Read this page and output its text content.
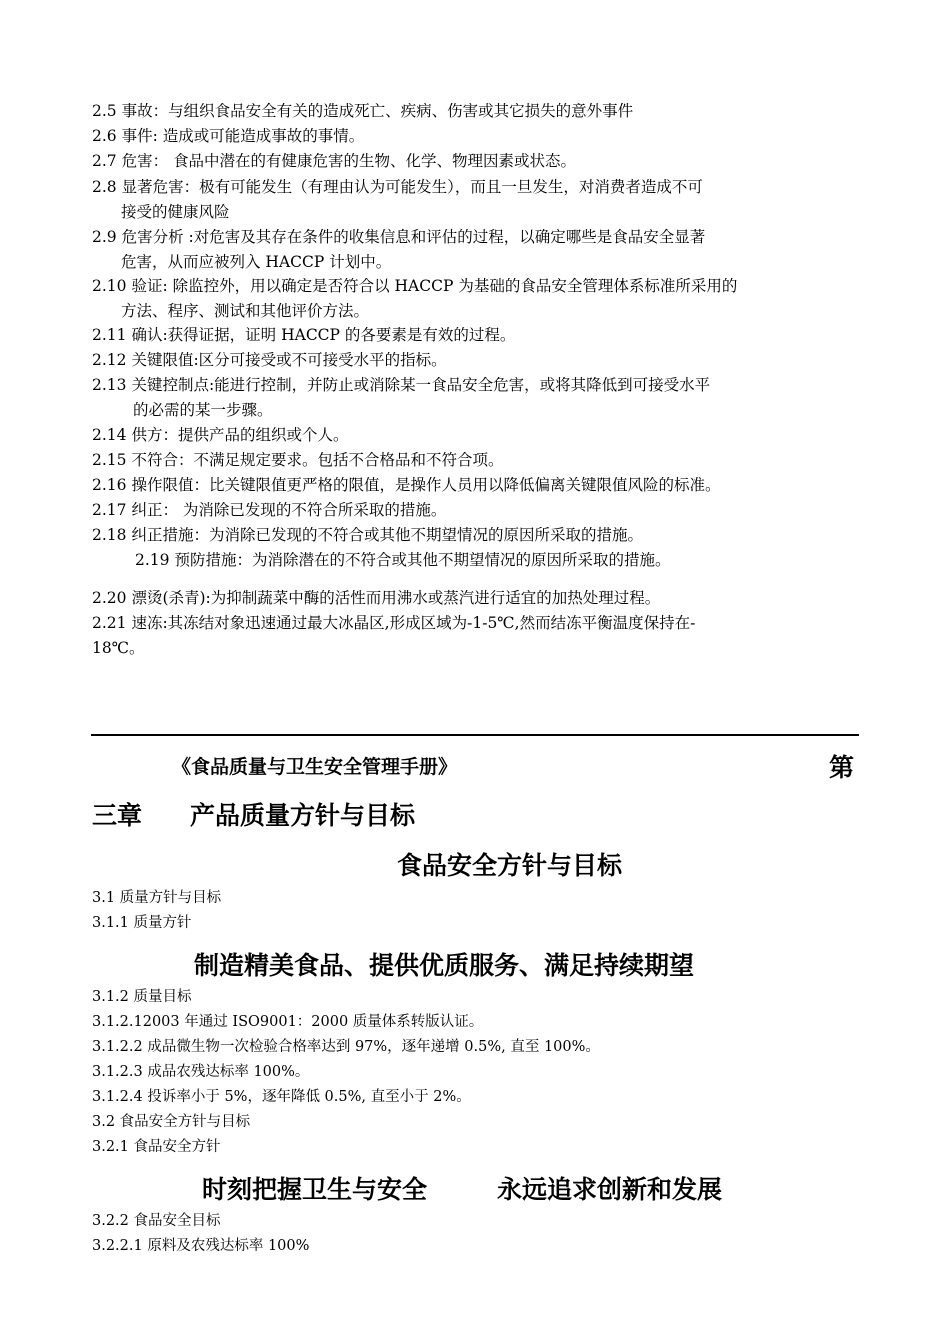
2.5 事故：与组织食品安全有关的造成死亡、疾病、伤害或其它损失的意外事件
2.6 事件: 造成或可能造成事故的事情。
2.7 危害： 食品中潜在的有健康危害的生物、化学、物理因素或状态。
2.8 显著危害：极有可能发生（有理由认为可能发生），而且一旦发生，对消费者造成不可
接受的健康风险
2.9 危害分析 :对危害及其存在条件的收集信息和评估的过程，以确定哪些是食品安全显著
危害，从而应被列入 HACCP 计划中。
2.10 验证: 除监控外，用以确定是否符合以 HACCP 为基础的食品安全管理体系标准所采用的
方法、程序、测试和其他评价方法。
2.11 确认:获得证据，证明 HACCP 的各要素是有效的过程。
2.12 关键限值:区分可接受或不可接受水平的指标。
2.13 关键控制点:能进行控制，并防止或消除某一食品安全危害，或将其降低到可接受水平
的必需的某一步骤。
2.14 供方：提供产品的组织或个人。
2.15 不符合：不满足规定要求。包括不合格品和不符合项。
2.16 操作限值：比关键限值更严格的限值，是操作人员用以降低偏离关键限值风险的标准。
2.17 纠正： 为消除已发现的不符合所采取的措施。
2.18 纠正措施：为消除已发现的不符合或其他不期望情况的原因所采取的措施。
2.19 预防措施：为消除潜在的不符合或其他不期望情况的原因所采取的措施。
2.20 漂烫(杀青):为抑制蔬菜中酶的活性而用沸水或蒸汽进行适宜的加热处理过程。
2.21 速冻:其冻结对象迅速通过最大冰晶区,形成区域为-1-5℃,然而结冻平衡温度保持在-
18℃。
《食品质量与卫生安全管理手册》	第
三章 产品质量方针与目标
食品安全方针与目标
3.1 质量方针与目标
3.1.1 质量方针
制造精美食品、提供优质服务、满足持续期望
3.1.2 质量目标
3.1.2.12003 年通过 ISO9001：2000 质量体系转版认证。
3.1.2.2 成品微生物一次检验合格率达到 97%，逐年递增 0.5%, 直至 100%。
3.1.2.3 成品农残达标率 100%。
3.1.2.4 投诉率小于 5%，逐年降低 0.5%, 直至小于 2%。
3.2 食品安全方针与目标
3.2.1 食品安全方针
时刻把握卫生与安全	永远追求创新和发展
3.2.2 食品安全目标
3.2.2.1 原料及农残达标率 100%
